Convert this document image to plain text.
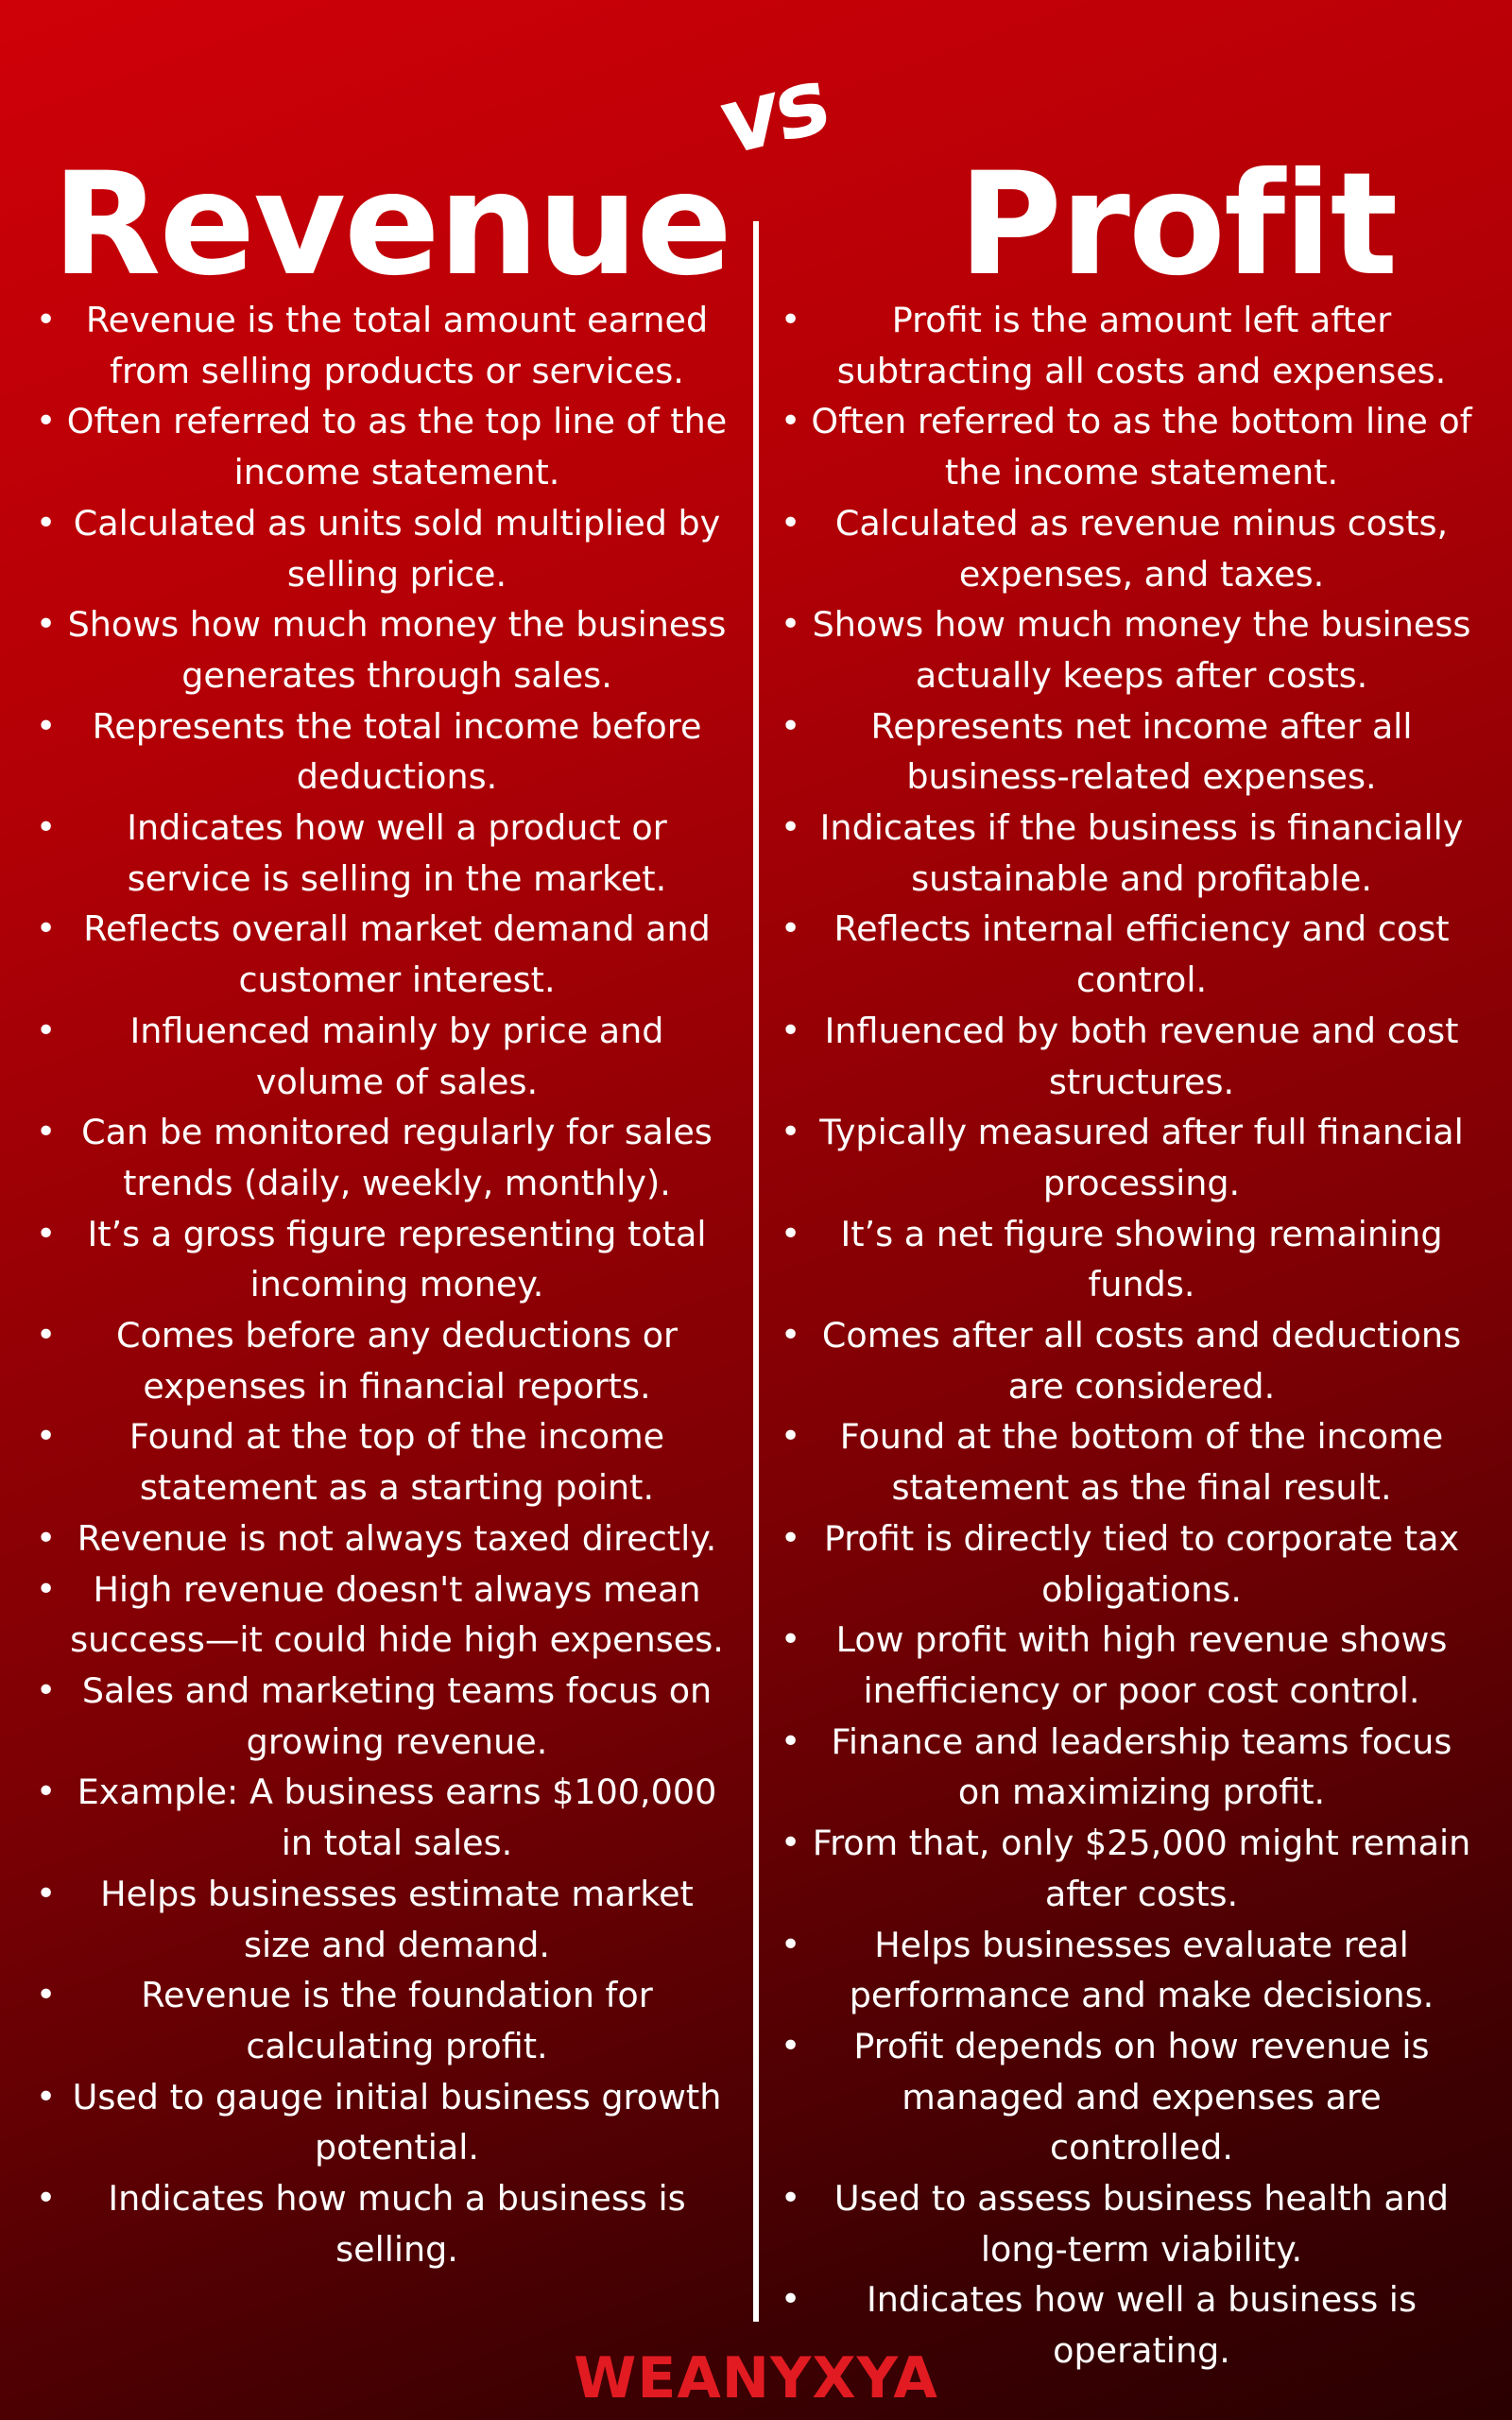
Revenue
vs
Profit
• Revenue is the total amount earned from selling products or services.
• Often referred to as the top line of the income statement.
• Calculated as units sold multiplied by selling price.
• Shows how much money the business generates through sales.
• Represents the total income before deductions.
• Indicates how well a product or service is selling in the market.
• Reflects overall market demand and customer interest.
• Influenced mainly by price and volume of sales.
• Can be monitored regularly for sales trends (daily, weekly, monthly).
• It’s a gross figure representing total incoming money.
• Comes before any deductions or expenses in financial reports.
• Found at the top of the income statement as a starting point.
• Revenue is not always taxed directly.
• High revenue doesn't always mean success—it could hide high expenses.
• Sales and marketing teams focus on growing revenue.
• Example: A business earns $100,000 in total sales.
• Helps businesses estimate market size and demand.
• Revenue is the foundation for calculating profit.
• Used to gauge initial business growth potential.
• Indicates how much a business is selling.
• Profit is the amount left after subtracting all costs and expenses.
• Often referred to as the bottom line of the income statement.
• Calculated as revenue minus costs, expenses, and taxes.
• Shows how much money the business actually keeps after costs.
• Represents net income after all business-related expenses.
• Indicates if the business is financially sustainable and profitable.
• Reflects internal efficiency and cost control.
• Influenced by both revenue and cost structures.
• Typically measured after full financial processing.
• It’s a net figure showing remaining funds.
• Comes after all costs and deductions are considered.
• Found at the bottom of the income statement as the final result.
• Profit is directly tied to corporate tax obligations.
• Low profit with high revenue shows inefficiency or poor cost control.
• Finance and leadership teams focus on maximizing profit.
• From that, only $25,000 might remain after costs.
• Helps businesses evaluate real performance and make decisions.
• Profit depends on how revenue is managed and expenses are controlled.
• Used to assess business health and long-term viability.
• Indicates how well a business is operating.
WEANYXYA
